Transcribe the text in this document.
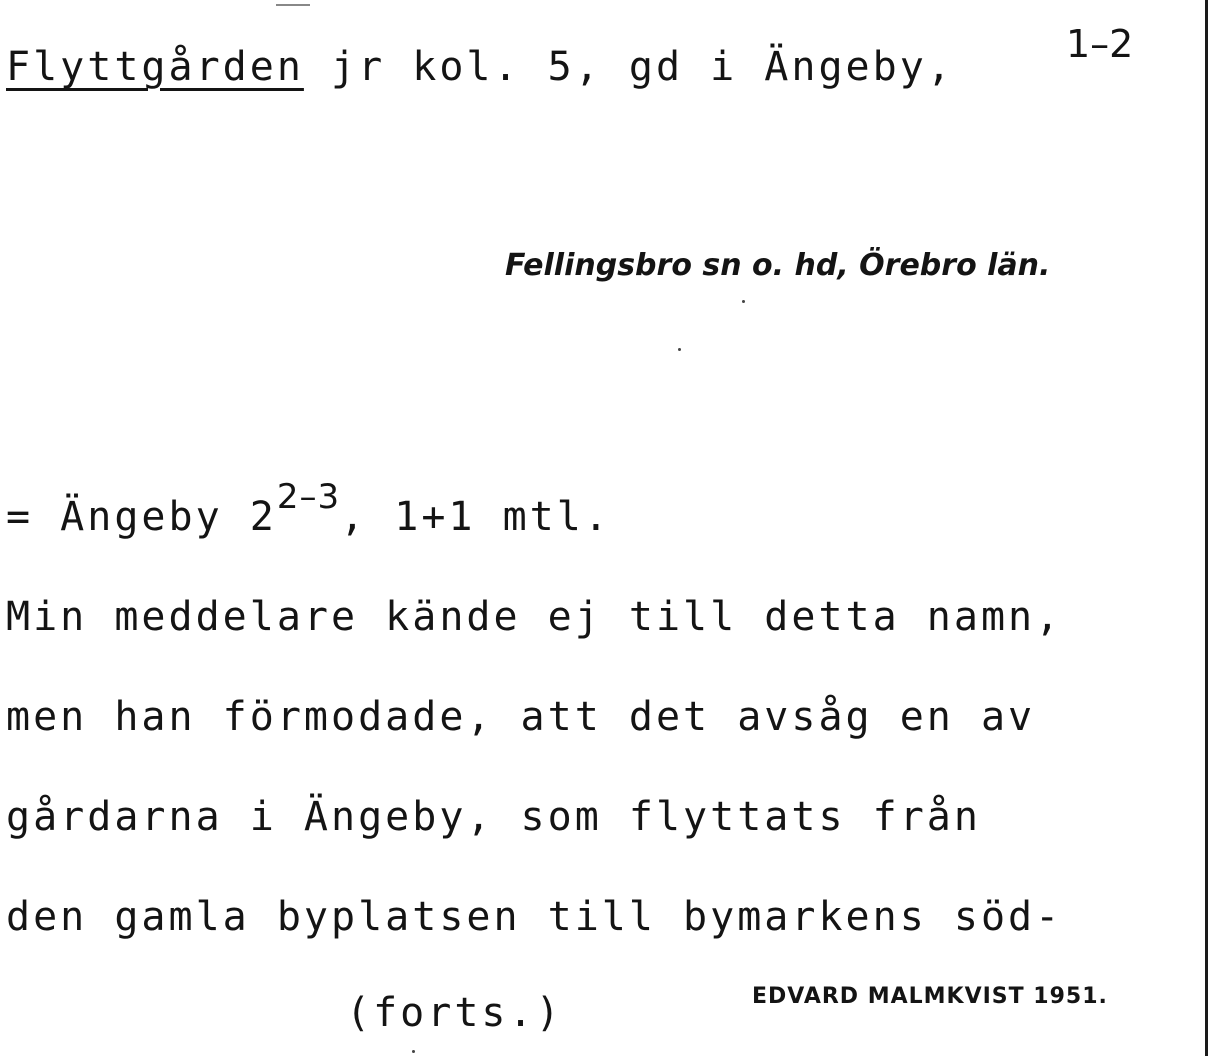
Flyttgården jr kol. 5, gd i Ängeby,	1–2
Fellingsbro sn o. hd, Örebro län.
= Ängeby 2$^{2-3}$, 1+1 mtl.
Min meddelare kände ej till detta namn,
men han förmodade, att det avsåg en av
gårdarna i Ängeby, som flyttats från
den gamla byplatsen till bymarkens söd-
(forts.)	EDVARD MALMKVIST 1951.
